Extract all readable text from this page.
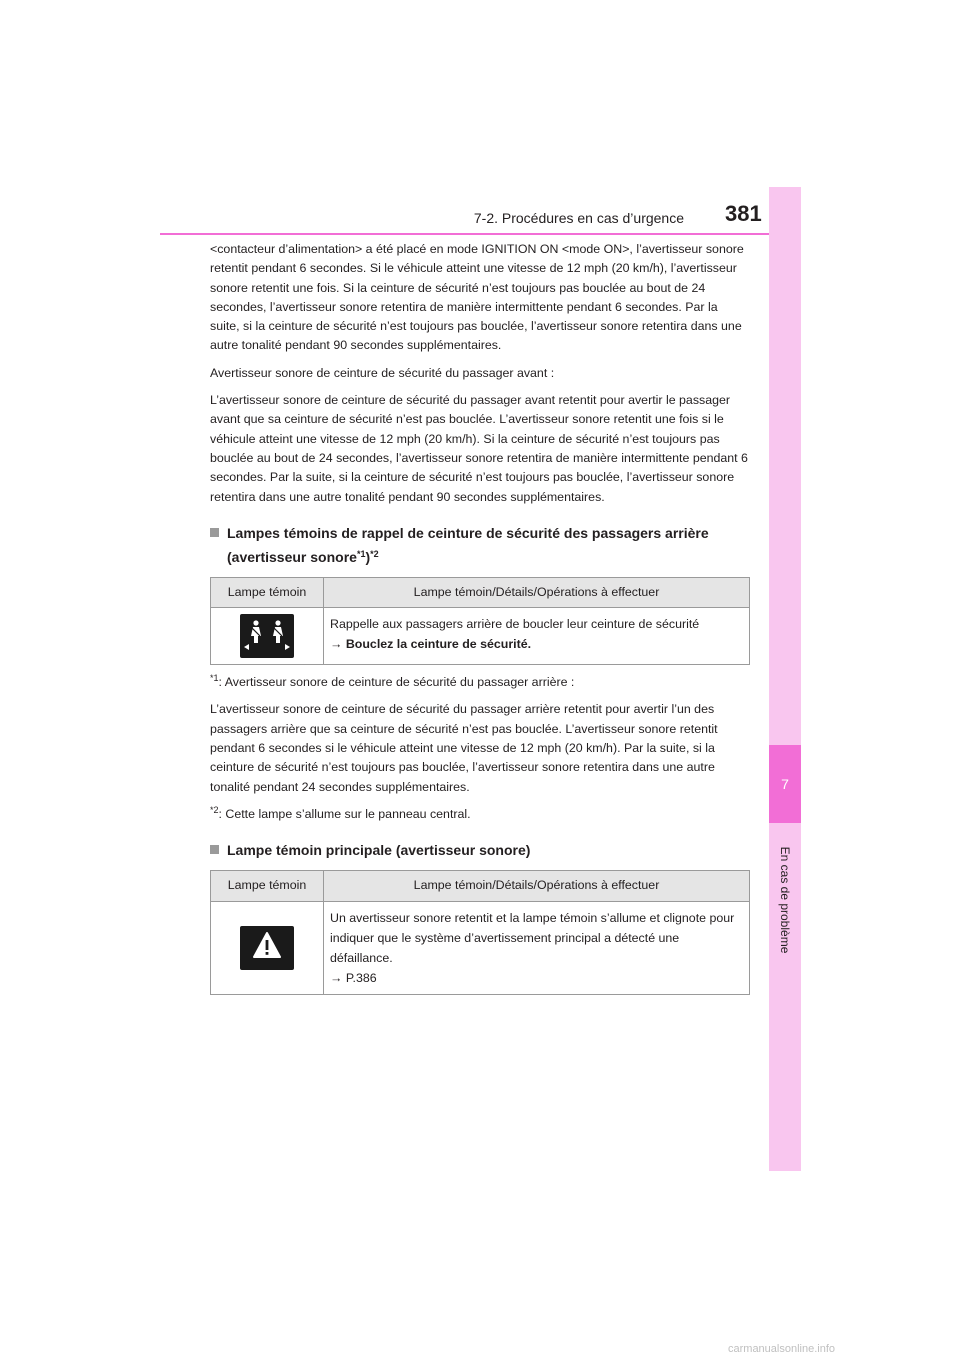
7
En cas de problème
7-2. Procédures en cas d’urgence 381

<contacteur d’alimentation> a été placé en mode IGNITION ON <mode ON>, l’avertisseur sonore retentit pendant 6 secondes. Si le véhicule atteint une vitesse de 12 mph (20 km/h), l’avertisseur sonore retentit une fois. Si la ceinture de sécurité n’est toujours pas bouclée au bout de 24 secondes, l’avertisseur sonore retentira de manière intermittente pendant 6 secondes. Par la suite, si la ceinture de sécurité n’est toujours pas bouclée, l’avertisseur sonore retentira dans une autre tonalité pendant 90 secondes supplémentaires.

Avertisseur sonore de ceinture de sécurité du passager avant :

L’avertisseur sonore de ceinture de sécurité du passager avant retentit pour avertir le passager avant que sa ceinture de sécurité n’est pas bouclée. L’avertisseur sonore retentit une fois si le véhicule atteint une vitesse de 12 mph (20 km/h). Si la ceinture de sécurité n’est toujours pas bouclée au bout de 24 secondes, l’avertisseur sonore retentira de manière intermittente pendant 6 secondes. Par la suite, si la ceinture de sécurité n’est toujours pas bouclée, l’avertisseur sonore retentira dans une autre tonalité pendant 90 secondes supplémentaires.

Lampes témoins de rappel de ceinture de sécurité des passagers arrière
(avertisseur sonore$^{*1}$)$^{*2}$
Lampe témoin	Lampe témoin/Détails/Opérations à effectuer
	Rappelle aux passagers arrière de boucler leur ceinture de sécurité
→ Bouclez la ceinture de sécurité.

$^{*1}$: Avertisseur sonore de ceinture de sécurité du passager arrière :

L’avertisseur sonore de ceinture de sécurité du passager arrière retentit pour avertir l’un des passagers arrière que sa ceinture de sécurité n’est pas bouclée. L’avertisseur sonore retentit pendant 6 secondes si le véhicule atteint une vitesse de 12 mph (20 km/h). Par la suite, si la ceinture de sécurité n’est toujours pas bouclée, l’avertisseur sonore retentira dans une autre tonalité pendant 24 secondes supplémentaires.

$^{*2}$: Cette lampe s’allume sur le panneau central.

Lampe témoin principale (avertisseur sonore)
Lampe témoin	Lampe témoin/Détails/Opérations à effectuer
	Un avertisseur sonore retentit et la lampe témoin s’allume et clignote pour indiquer que le système d’avertissement principal a détecté une défaillance.
→ P.386
carmanualsonline.info
